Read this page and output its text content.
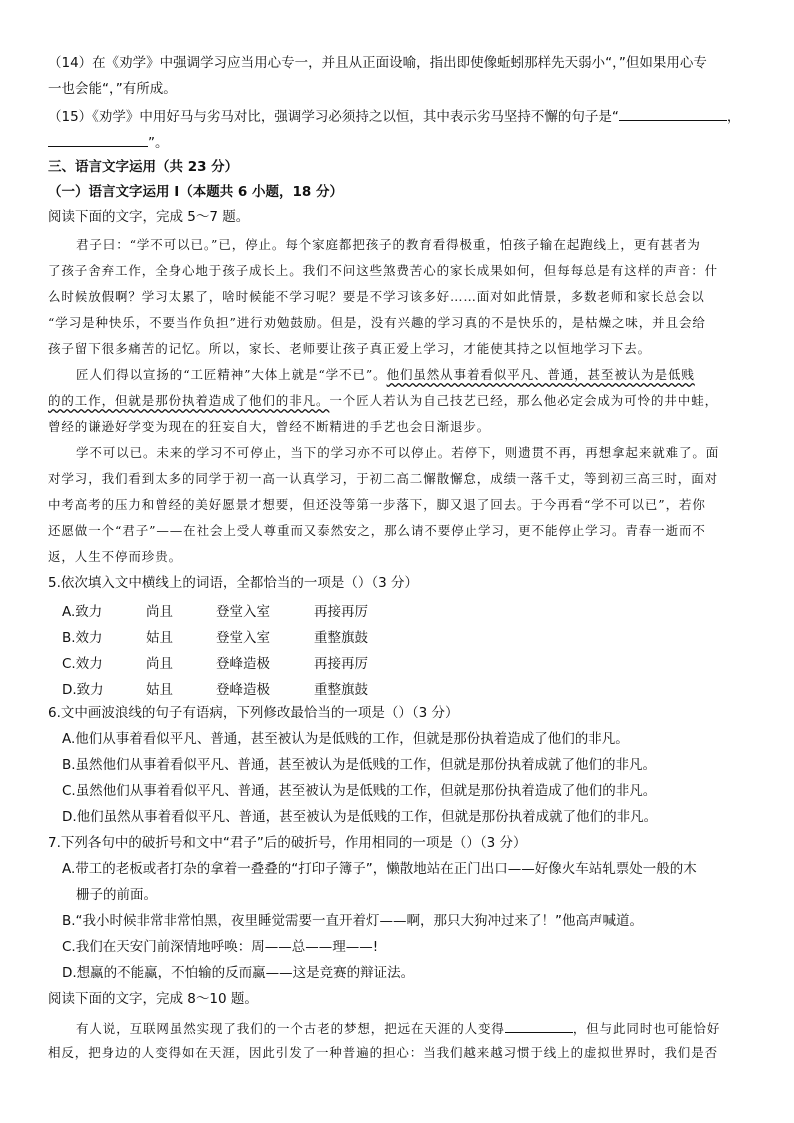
（14）在《劝学》中强调学习应当用心专一，并且从正面设喻，指出即使像蚯蚓那样先天弱小“，”但如果用心专
一也会能“，”有所成。
（15）《劝学》中用好马与劣马对比，强调学习必须持之以恒，其中表示劣马坚持不懈的句子是“	，
”。
三、语言文字运用（共 23 分）
（一）语言文字运用 Ⅰ（本题共 6 小题，18 分）
阅读下面的文字，完成 5～7 题。
君子曰：“学不可以已。”已，停止。每个家庭都把孩子的教育看得极重，怕孩子输在起跑线上，更有甚者为
了孩子舍弃工作，全身心地于孩子成长上。我们不问这些煞费苦心的家长成果如何，但每每总是有这样的声音：什
么时候放假啊？学习太累了，啥时候能不学习呢？要是不学习该多好……面对如此情景，多数老师和家长总会以
“学习是种快乐，不要当作负担”进行劝勉鼓励。但是，没有兴趣的学习真的不是快乐的，是枯燥之味，并且会给
孩子留下很多痛苦的记忆。所以，家长、老师要让孩子真正爱上学习，才能使其持之以恒地学习下去。
匠人们得以宣扬的“工匠精神”大体上就是“学不已”。他们虽然从事着看似平凡、普通，甚至被认为是低贱
的的工作，但就是那份执着造成了他们的非凡。一个匠人若认为自己技艺已经，那么他必定会成为可怜的井中蛙，
曾经的谦逊好学变为现在的狂妄自大，曾经不断精进的手艺也会日渐退步。
学不可以已。未来的学习不可停止，当下的学习亦不可以停止。若停下，则遗贯不再，再想拿起来就难了。面
对学习，我们看到太多的同学于初一高一认真学习，于初二高二懈散懈怠，成绩一落千丈，等到初三高三时，面对
中考高考的压力和曾经的美好愿景才想要，但还没等第一步落下，脚又退了回去。于今再看“学不可以已”，若你
还愿做一个“君子”——在社会上受人尊重而又泰然安之，那么请不要停止学习，更不能停止学习。青春一逝而不
返，人生不停而珍贵。
5.依次填入文中横线上的词语，全都恰当的一项是（）（3 分）
A.致力	尚且	登堂入室	再接再厉
B.效力	姑且	登堂入室	重整旗鼓
C.效力	尚且	登峰造极	再接再厉
D.致力	姑且	登峰造极	重整旗鼓
6.文中画波浪线的句子有语病，下列修改最恰当的一项是（）（3 分）
A.他们从事着看似平凡、普通，甚至被认为是低贱的工作，但就是那份执着造成了他们的非凡。
B.虽然他们从事着看似平凡、普通，甚至被认为是低贱的工作，但就是那份执着成就了他们的非凡。
C.虽然他们从事着看似平凡、普通，甚至被认为是低贱的工作，但就是那份执着造成了他们的非凡。
D.他们虽然从事着看似平凡、普通，甚至被认为是低贱的工作，但就是那份执着成就了他们的非凡。
7.下列各句中的破折号和文中“君子”后的破折号，作用相同的一项是（）（3 分）
A.带工的老板或者打杂的拿着一叠叠的“打印子簿子”，懒散地站在正门出口——好像火车站轧票处一般的木
栅子的前面。
B.“我小时候非常非常怕黑，夜里睡觉需要一直开着灯——啊，那只大狗冲过来了！”他高声喊道。
C.我们在天安门前深情地呼唤：周——总——理——!
D.想赢的不能赢，不怕输的反而赢——这是竞赛的辩证法。
阅读下面的文字，完成 8～10 题。
有人说，互联网虽然实现了我们的一个古老的梦想，把远在天涯的人变得	，但与此同时也可能恰好
相反，把身边的人变得如在天涯，因此引发了一种普遍的担心：当我们越来越习惯于线上的虚拟世界时，我们是否
